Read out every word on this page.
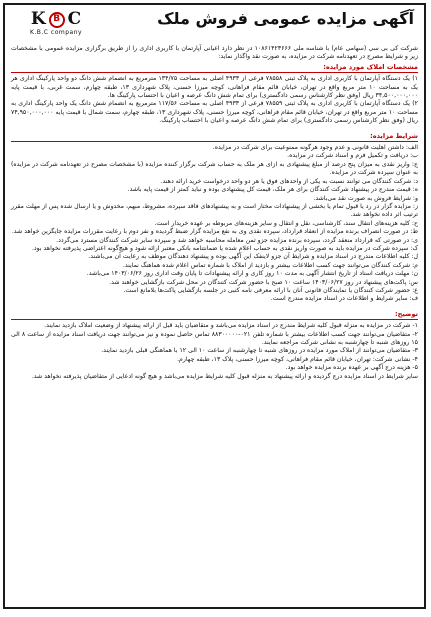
K B C
K.B.C company
آگهی مزایده عمومی فروش ملک

شرکت کی بی سی (سهامی عام) با شناسه ملی ۱۰۸۶۱۴۲۳۶۶۶ در نظر دارد اعیانی آپارتمان با کاربری اداری را از طریق برگزاری مزایده عمومی با مشخصات زیر و شرایط مصرح در تعهدنامه شرکت در مزایده، به صورت نقد واگذار نماید:

مشخصات املاک مورد مزایده:

۱) یک دستگاه آپارتمان با کاربری اداری به پلاک ثبتی ۷۸۵۵۸ فرعی از ۴۹۳۳ اصلی به مساحت ۱۳۴/۷۵ مترمربع به انضمام شش دانگ دو واحد پارکینگ اداری هر یک به مساحت ۱۰ متر مربع واقع در تهران، خیابان قائم مقام فراهانی، کوچه میرزا حسنی، پلاک شهرداری ۱۳، طبقه چهارم، سمت غربی، با قیمت پایه ۳۴,۵۰۰,۰۰۰,۰۰۰ ریال (وفق نظر کارشناس رسمی دادگستری) برای تمام شش دانگ عرصه و اعیان با احتساب پارکینگ ها.

۲) یک دستگاه آپارتمان با کاربری اداری به پلاک ثبتی ۷۸۵۵۹ فرعی از ۴۹۳۳ اصلی به مساحت ۱۱۷/۵۶ مترمربع به انضمام شش دانگ یک واحد پارکینگ اداری به مساحت ۱۰ متر مربع واقع در تهران، خیابان قائم مقام فراهانی، کوچه میرزا حسنی، پلاک شهرداری ۱۳، طبقه چهارم، سمت شمال با قیمت پایه ۷۴,۹۵۰,۰۰۰,۰۰۰ ریال (وفق نظر کارشناس رسمی دادگستری) برای تمام شش دانگ عرصه و اعیان با احتساب پارکینگ.

شرایط مزایده:

الف: داشتن اهلیت قانونی و عدم وجود هرگونه ممنوعیت برای شرکت در مزایده.

ب: دریافت و تکمیل فرم و اسناد شرکت در مزایده.

ج: واریز نقدی به میزان پنج درصد از مبلغ پیشنهادی به ازای هر ملک به حساب شرکت برگزار کننده مزایده (با مشخصات مصرح در تعهدنامه شرکت در مزایده) به عنوان سپرده شرکت در مزایده.

د: شرکت کنندگان می توانند نسبت به یکی از واحدهای فوق یا هر دو واحد درخواست خرید ارائه دهند.

ه: قیمت مندرج در پیشنهاد شرکت کنندگان برای هر ملک، قیمت کل پیشنهادی بوده و نباید کمتر از قیمت پایه باشد.

و: شرایط فروش به صورت نقد می‌باشد.

ز: مزایده گزار در رد یا قبول تمام یا بخشی از پیشنهادات مختار است و به پیشنهادهای فاقد سپرده، مشروط، مبهم، مخدوش و یا ارسال شده پس از مهلت مقرر ترتیب اثر داده نخواهد شد.

ح: کلیه هزینه‌های انتقال سند، کارشناسی، نقل و انتقال و سایر هزینه‌های مربوطه بر عهده خریدار است.

ط: در صورت انصراف برنده مزایده از انعقاد قرارداد، سپرده نقدی وی به نفع مزایده گزار ضبط گردیده و نفر دوم با رعایت مقررات مزایده جایگزین خواهد شد.

ی: در صورتی که قرارداد منعقد گردد، سپرده برنده مزایده جزو ثمن معامله محاسبه خواهد شد و سپرده سایر شرکت کنندگان مسترد می‌گردد.

ک: سپرده شرکت در مزایده باید به صورت واریز نقدی به حساب اعلام شده یا ضمانتنامه بانکی معتبر ارائه شود و هیچ‌گونه اعتراضی پذیرفته نخواهد بود.

ل: کلیه اطلاعات مندرج در اسناد مزایده و شرایط آن جزو لاینفک این آگهی بوده و پیشنهاد دهندگان موظف به رعایت آن می‌باشند.

م: شرکت کنندگان می‌توانند جهت کسب اطلاعات بیشتر و بازدید از املاک با شماره تماس اعلام شده هماهنگ نمایند.

ن: مهلت دریافت اسناد از تاریخ انتشار آگهی به مدت ۱۰ روز کاری و ارائه پیشنهادات تا پایان وقت اداری روز ۱۴۰۳/۰۶/۲۶ می‌باشد.

س: پاکت‌های پیشنهاد در روز ۱۴۰۳/۰۶/۲۷ ساعت ۱۰ صبح با حضور شرکت کنندگان در محل شرکت بازگشایی خواهند شد.

ع: حضور شرکت کنندگان یا نمایندگان قانونی آنان با ارائه معرفی نامه کتبی در جلسه بازگشایی پاکت‌ها بلامانع است.

ف: سایر شرایط و اطلاعات در اسناد مزایده مندرج است.

توضیح:

۱- شرکت در مزایده به منزله قبول کلیه شرایط مندرج در اسناد مزایده می‌باشد و متقاضیان باید قبل از ارائه پیشنهاد از وضعیت املاک بازدید نمایند.

۲- متقاضیان می‌توانند جهت کسب اطلاعات بیشتر با شماره تلفن ۰۲۱-۸۸۳۰۰۰۰۰ تماس حاصل نموده و نیز می‌توانند جهت دریافت اسناد مزایده از ساعت ۸ الی ۱۵ روزهای شنبه تا چهارشنبه به نشانی شرکت مراجعه نمایند.

۳- متقاضیان می‌توانند از املاک مورد مزایده در روزهای شنبه تا چهارشنبه از ساعت ۱۰ الی ۱۲ با هماهنگی قبلی بازدید نمایند.

۴- نشانی شرکت: تهران، خیابان قائم مقام فراهانی، کوچه میرزا حسنی، پلاک ۱۳، طبقه چهارم.

۵- هزینه درج آگهی بر عهده برنده مزایده خواهد بود.

سایر شرایط در اسناد مزایده درج گردیده و ارائه پیشنهاد به منزله قبول کلیه شرایط مزایده می‌باشد و هیچ گونه ادعایی از متقاضیان پذیرفته نخواهد شد.
